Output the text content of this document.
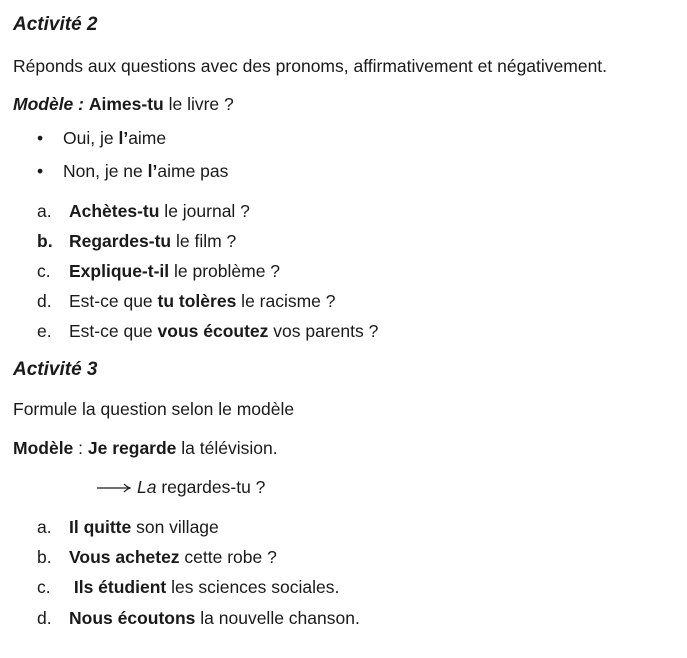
Activité 2
Réponds aux questions avec des pronoms, affirmativement et négativement.
Modèle : Aimes-tu le livre ?
• Oui, je l’aime
• Non, je ne l’aime pas
a. Achètes-tu le journal ?
b. Regardes-tu le film ?
c. Explique-t-il le problème ?
d. Est-ce que tu tolères le racisme ?
e. Est-ce que vous écoutez vos parents ?
Activité 3
Formule la question selon le modèle
Modèle : Je regarde la télévision.
La regardes-tu ?
a. Il quitte son village
b. Vous achetez cette robe ?
c. Ils étudient les sciences sociales.
d. Nous écoutons la nouvelle chanson.
